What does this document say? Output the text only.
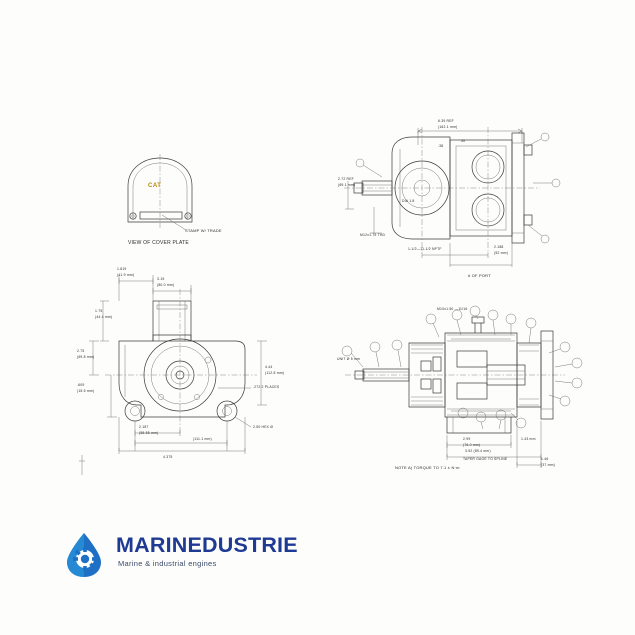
CAT
STAMP W/ TRADE
VIEW OF COVER PLATE
6.39 REF
(162.1 mm)
.38
.30
2.72 REF
(69.1 mm)
DIA 1.8
M12x1.75 THD
1-1/2—11-1/2 NPTF	2.188
(52 mm)
# OF PORT
1.819
(41.9 mm)
3.15
(80.0 mm)
1.75
(44.4 mm)
2.75
(69.8 mm)
4.44
(112.8 mm)
.609
(15.5 mm)
.272 2 PLACES
2.50 HEX Ø
2.187
(55.55 mm)
4.375
(111.1 mm)
UNIT Ø 5 mm
M10x1.50 —11/16
2.99
(76.0 mm)
3.52 (89.4 mm)
1.43 mm
1.46
(37 mm)
NOTE A) TORQUE TO 7.1 ± N·m
TAPER GAGE TO SPLINE
MARINEDUSTRIE
Marine & industrial engines
